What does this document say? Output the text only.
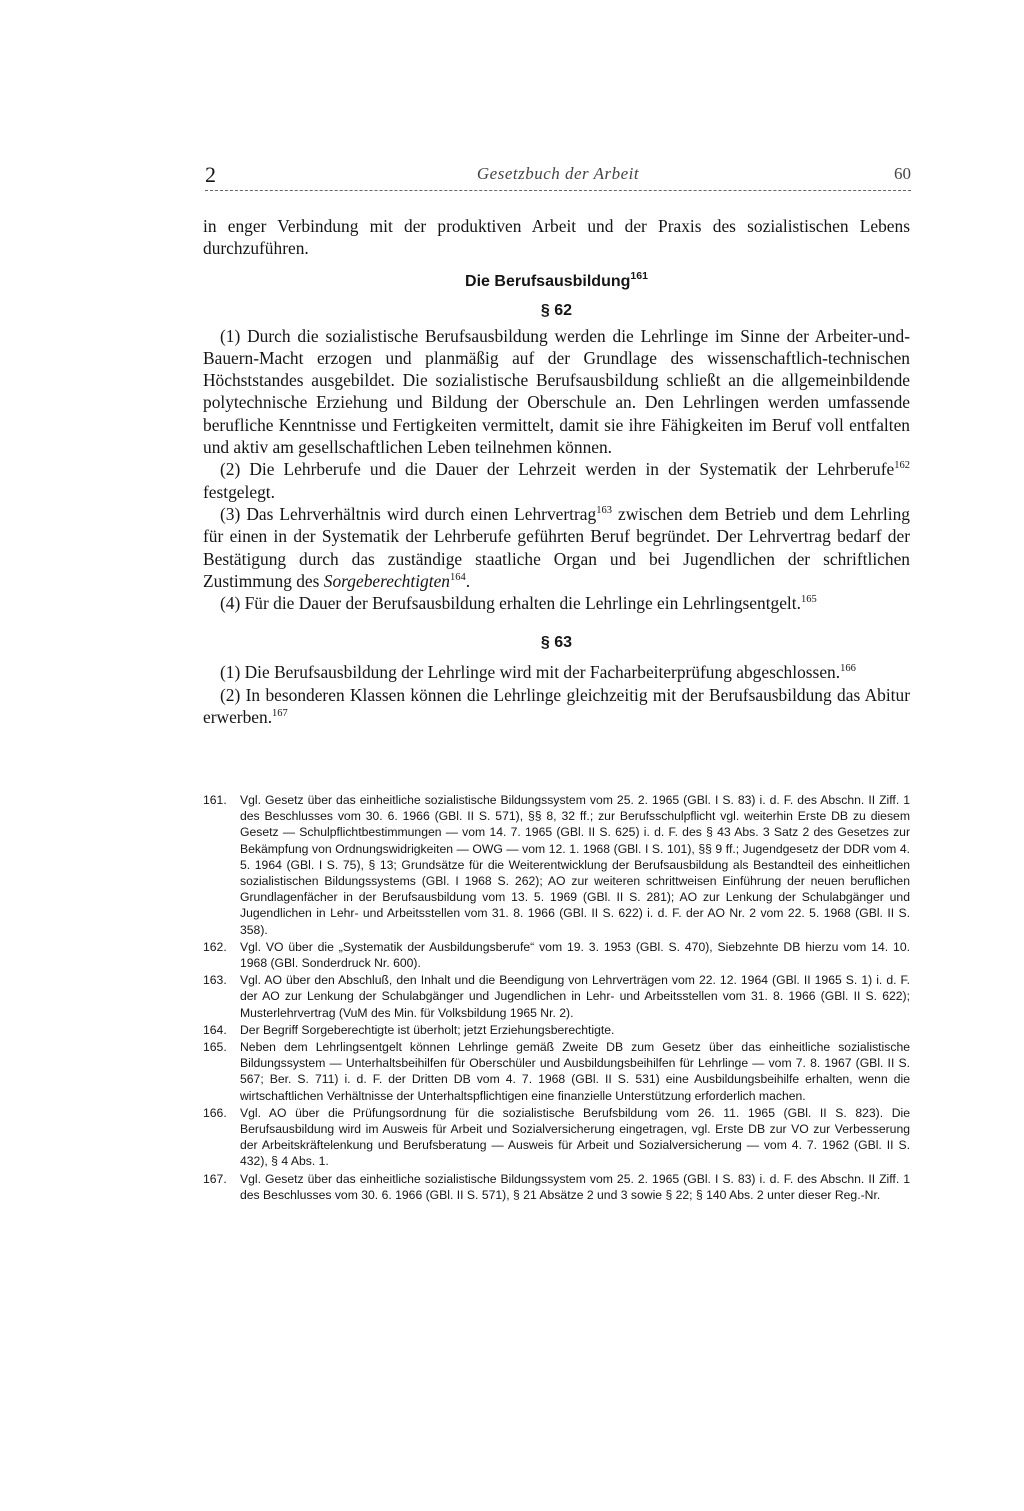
2	Gesetzbuch der Arbeit	60

in enger Verbindung mit der produktiven Arbeit und der Praxis des sozialistischen Lebens durchzuführen.

Die Berufsausbildung$^{161}$
§ 62

(1) Durch die sozialistische Berufsausbildung werden die Lehrlinge im Sinne der Arbeiter-und-Bauern-Macht erzogen und planmäßig auf der Grundlage des wissenschaftlich-technischen Höchststandes ausgebildet. Die sozialistische Berufsausbildung schließt an die allgemeinbildende polytechnische Erziehung und Bildung der Oberschule an. Den Lehrlingen werden umfassende berufliche Kenntnisse und Fertigkeiten vermittelt, damit sie ihre Fähigkeiten im Beruf voll entfalten und aktiv am gesellschaftlichen Leben teilnehmen können.

(2) Die Lehrberufe und die Dauer der Lehrzeit werden in der Systematik der Lehrberufe$^{162}$ festgelegt.

(3) Das Lehrverhältnis wird durch einen Lehrvertrag$^{163}$ zwischen dem Betrieb und dem Lehrling für einen in der Systematik der Lehrberufe geführten Beruf begründet. Der Lehrvertrag bedarf der Bestätigung durch das zuständige staatliche Organ und bei Jugendlichen der schriftlichen Zustimmung des Sorgeberechtigten$^{164}$.

(4) Für die Dauer der Berufsausbildung erhalten die Lehrlinge ein Lehrlingsentgelt.$^{165}$

§ 63

(1) Die Berufsausbildung der Lehrlinge wird mit der Facharbeiterprüfung abgeschlossen.$^{166}$

(2) In besonderen Klassen können die Lehrlinge gleichzeitig mit der Berufsausbildung das Abitur erwerben.$^{167}$

161.	Vgl. Gesetz über das einheitliche sozialistische Bildungssystem vom 25. 2. 1965 (GBl. I S. 83) i. d. F. des Abschn. II Ziff. 1 des Beschlusses vom 30. 6. 1966 (GBl. II S. 571), §§ 8, 32 ff.; zur Berufsschulpflicht vgl. weiterhin Erste DB zu diesem Gesetz — Schulpflichtbestimmungen — vom 14. 7. 1965 (GBl. II S. 625) i. d. F. des § 43 Abs. 3 Satz 2 des Gesetzes zur Bekämpfung von Ordnungswidrigkeiten — OWG — vom 12. 1. 1968 (GBl. I S. 101), §§ 9 ff.; Jugendgesetz der DDR vom 4. 5. 1964 (GBl. I S. 75), § 13; Grundsätze für die Weiterentwicklung der Berufsausbildung als Bestandteil des einheitlichen sozialistischen Bildungssystems (GBl. I 1968 S. 262); AO zur weiteren schrittweisen Einführung der neuen beruflichen Grundlagenfächer in der Berufsausbildung vom 13. 5. 1969 (GBl. II S. 281); AO zur Lenkung der Schulabgänger und Jugendlichen in Lehr- und Arbeitsstellen vom 31. 8. 1966 (GBl. II S. 622) i. d. F. der AO Nr. 2 vom 22. 5. 1968 (GBl. II S. 358).
162.	Vgl. VO über die „Systematik der Ausbildungsberufe“ vom 19. 3. 1953 (GBl. S. 470), Siebzehnte DB hierzu vom 14. 10. 1968 (GBl. Sonderdruck Nr. 600).
163.	Vgl. AO über den Abschluß, den Inhalt und die Beendigung von Lehrverträgen vom 22. 12. 1964 (GBl. II 1965 S. 1) i. d. F. der AO zur Lenkung der Schulabgänger und Jugendlichen in Lehr- und Arbeitsstellen vom 31. 8. 1966 (GBl. II S. 622); Musterlehrvertrag (VuM des Min. für Volksbildung 1965 Nr. 2).
164.	Der Begriff Sorgeberechtigte ist überholt; jetzt Erziehungsberechtigte.
165.	Neben dem Lehrlingsentgelt können Lehrlinge gemäß Zweite DB zum Gesetz über das einheitliche sozialistische Bildungssystem — Unterhaltsbeihilfen für Oberschüler und Ausbildungsbeihilfen für Lehrlinge — vom 7. 8. 1967 (GBl. II S. 567; Ber. S. 711) i. d. F. der Dritten DB vom 4. 7. 1968 (GBl. II S. 531) eine Ausbildungsbeihilfe erhalten, wenn die wirtschaftlichen Verhältnisse der Unterhaltspflichtigen eine finanzielle Unterstützung erforderlich machen.
166.	Vgl. AO über die Prüfungsordnung für die sozialistische Berufsbildung vom 26. 11. 1965 (GBl. II S. 823). Die Berufsausbildung wird im Ausweis für Arbeit und Sozialversicherung eingetragen, vgl. Erste DB zur VO zur Verbesserung der Arbeitskräftelenkung und Berufsberatung — Ausweis für Arbeit und Sozialversicherung — vom 4. 7. 1962 (GBl. II S. 432), § 4 Abs. 1.
167.	Vgl. Gesetz über das einheitliche sozialistische Bildungssystem vom 25. 2. 1965 (GBl. I S. 83) i. d. F. des Abschn. II Ziff. 1 des Beschlusses vom 30. 6. 1966 (GBl. II S. 571), § 21 Absätze 2 und 3 sowie § 22; § 140 Abs. 2 unter dieser Reg.-Nr.
